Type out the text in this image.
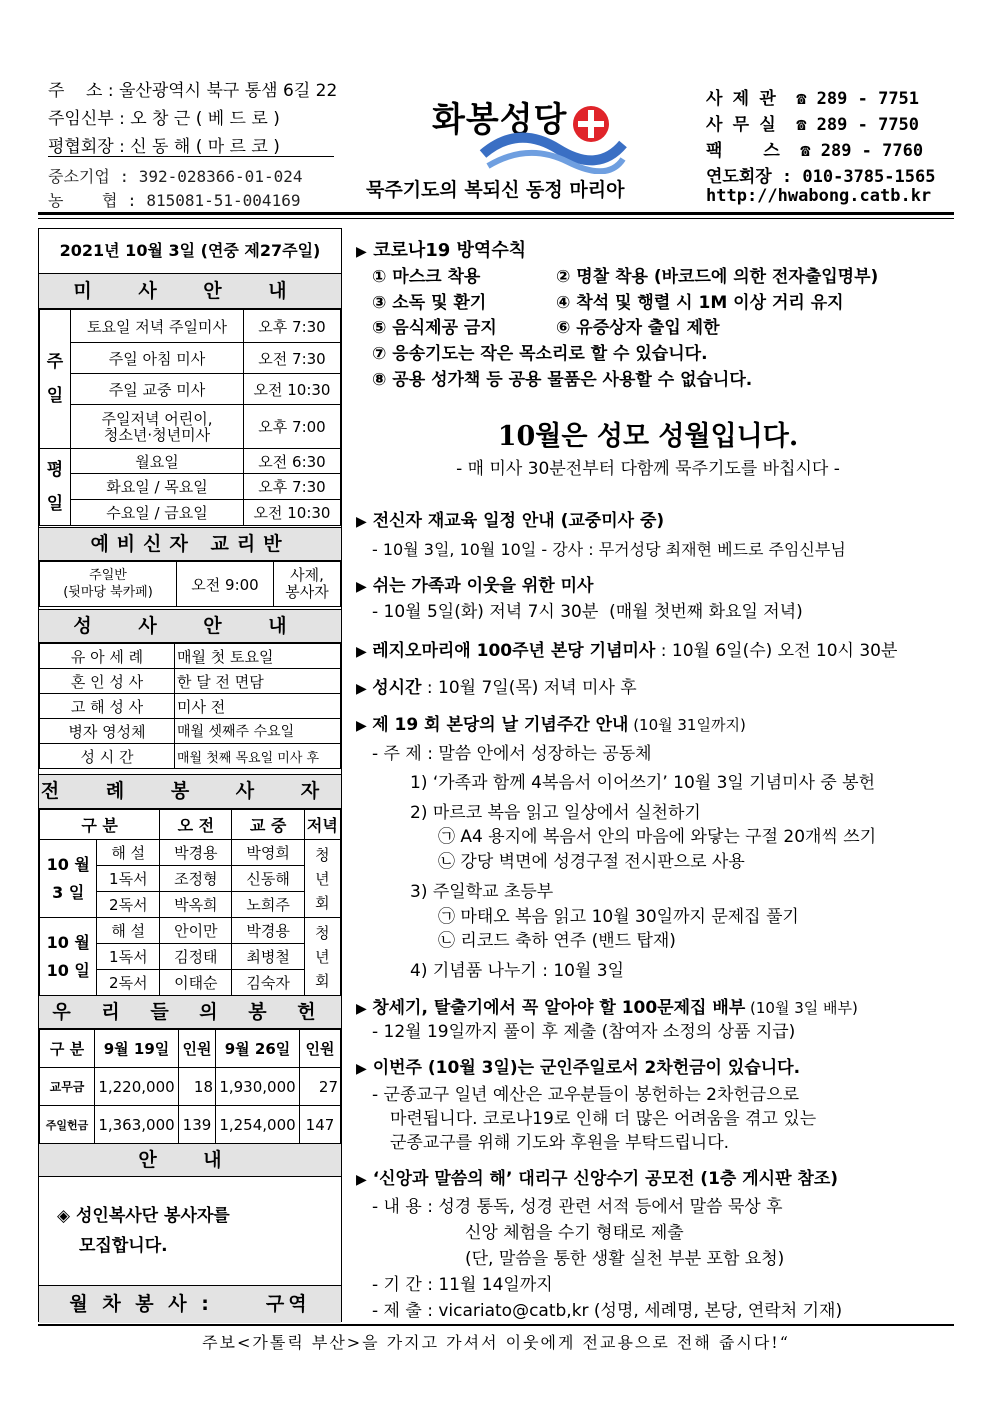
주    소 : 울산광역시 북구 통샘 6길 22
주임신부 : 오 창 근 ( 베 드 로 )
평협회장 : 신 동 해 ( 마 르 코 )
중소기업 : 392-028366-01-024
농    협 : 815081-51-004169
화봉성당
묵주기도의 복되신 동정 마리아
사 제 관  ☎ 289 - 7751
사 무 실  ☎ 289 - 7750
팩    스  ☎ 289 - 7760
연도회장 : 010-3785-1565
http://hwabong.catb.kr
2021년 10월 3일 (연중 제27주일)
미 사 안 내
주
일	토요일 저녁 주일미사	오후 7:30
	주일 아침 미사	오전 7:30
	주일 교중 미사	오전 10:30
	주일저녁 어린이,
청소년·청년미사	오후 7:00
평
일	월요일	오전 6:30
	화요일 / 목요일	오후 7:30
	수요일 / 금요일	오전 10:30
예비신자 교리반
주일반
(뒷마당 북카페)	오전 9:00	사제,
봉사자
성 사 안 내
유 아 세 례	매월 첫 토요일
혼 인 성 사	한 달 전 면담
고 해 성 사	미사 전
병자 영성체	매월 셋째주 수요일
성 시 간	매월 첫째 목요일 미사 후
전 례 봉 사 자
구 분		오 전	교 중	저녁
10 월
3 일	해 설	박경용	박영희	청
년
회
	1독서	조정형	신동해	
	2독서	박옥희	노희주	
10 월
10 일	해 설	안이만	박경용	청
년
회
	1독서	김정태	최병철	
	2독서	이태순	김숙자	
우 리 들 의 봉 헌
구 분	9월 19일	인원	9월 26일	인원
교무금	1,220,000	18	1,930,000	27
주일헌금	1,363,000	139	1,254,000	147
안 내
◈ 성인복사단 봉사자를
모집합니다.
월 차 봉 사 :     구역
▶ 코로나19 방역수칙
① 마스크 착용	② 명찰 착용 (바코드에 의한 전자출입명부)
③ 소독 및 환기	④ 착석 및 행렬 시 1M 이상 거리 유지
⑤ 음식제공 금지	⑥ 유증상자 출입 제한
⑦ 응송기도는 작은 목소리로 할 수 있습니다.
⑧ 공용 성가책 등 공용 물품은 사용할 수 없습니다.
10월은 성모 성월입니다.
- 매 미사 30분전부터 다함께 묵주기도를 바칩시다 -
▶ 전신자 재교육 일정 안내 (교중미사 중)
- 10월 3일, 10월 10일 - 강사 : 무거성당 최재현 베드로 주임신부님
▶ 쉬는 가족과 이웃을 위한 미사
- 10월 5일(화) 저녁 7시 30분  (매월 첫번째 화요일 저녁)
▶ 레지오마리애 100주년 본당 기념미사 : 10월 6일(수) 오전 10시 30분
▶ 성시간 : 10월 7일(목) 저녁 미사 후
▶ 제 19 회 본당의 날 기념주간 안내 (10월 31일까지)
- 주 제 : 말씀 안에서 성장하는 공동체
1) ‘가족과 함께 4복음서 이어쓰기’ 10월 3일 기념미사 중 봉헌
2) 마르코 복음 읽고 일상에서 실천하기
㉠ A4 용지에 복음서 안의 마음에 와닿는 구절 20개씩 쓰기
㉡ 강당 벽면에 성경구절 전시판으로 사용
3) 주일학교 초등부
㉠ 마태오 복음 읽고 10월 30일까지 문제집 풀기
㉡ 리코드 축하 연주 (밴드 탑재)
4) 기념품 나누기 : 10월 3일
▶ 창세기, 탈출기에서 꼭 알아야 할 100문제집 배부 (10월 3일 배부)
- 12월 19일까지 풀이 후 제출 (참여자 소정의 상품 지급)
▶ 이번주 (10월 3일)는 군인주일로서 2차헌금이 있습니다.
- 군종교구 일년 예산은 교우분들이 봉헌하는 2차헌금으로
마련됩니다. 코로나19로 인해 더 많은 어려움을 겪고 있는
군종교구를 위해 기도와 후원을 부탁드립니다.
▶ ‘신앙과 말씀의 해’ 대리구 신앙수기 공모전 (1층 게시판 참조)
- 내 용 : 성경 통독, 성경 관련 서적 등에서 말씀 묵상 후
신앙 체험을 수기 형태로 제출
(단, 말씀을 통한 생활 실천 부분 포함 요청)
- 기 간 : 11월 14일까지
- 제 출 : vicariato@catb,kr (성명, 세례명, 본당, 연락처 기재)
주보<가톨릭 부산>을 가지고 가셔서 이웃에게 전교용으로 전해 줍시다!“
